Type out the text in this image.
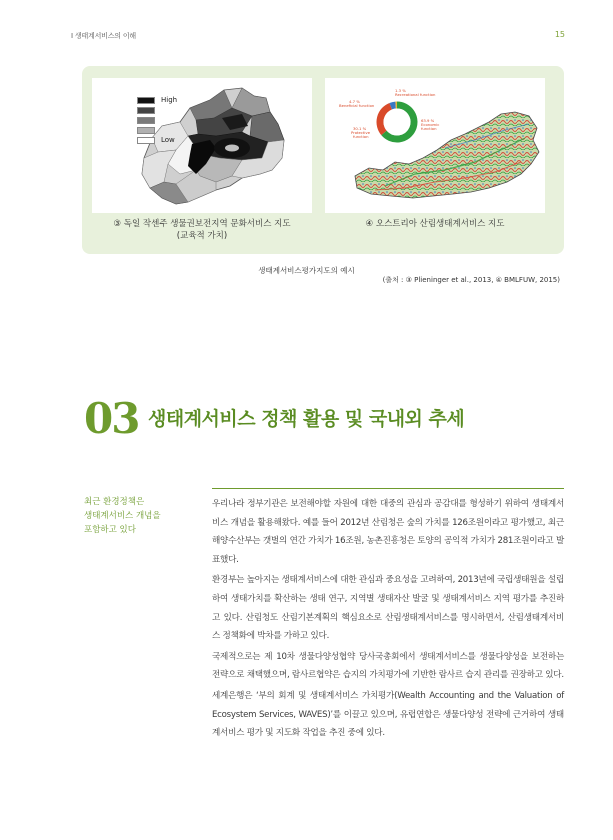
Ⅰ 생태계서비스의 이해	15
High
Low
1.3 %
Recreational function
4.7 %
Beneficial function
30.1 %
Protective
function
63.9 %
Economic
function
③ 독일 작센주 생물권보전지역 문화서비스 지도
(교육적 가치)
④ 오스트리아 산림생태계서비스 지도
생태계서비스평가지도의 예시
(출처 : ③ Plieninger et al., 2013, ④ BMLFUW, 2015)
03 생태계서비스 정책 활용 및 국내외 추세
최근 환경정책은
생태계서비스 개념을
포함하고 있다

우리나라 정부기관은 보전해야할 자원에 대한 대중의 관심과 공감대를 형성하기 위하여 생태계서비스 개념을 활용해왔다. 예를 들어 2012년 산림청은 숲의 가치를 126조원이라고 평가했고, 최근 해양수산부는 갯벌의 연간 가치가 16조원, 농촌진흥청은 토양의 공익적 가치가 281조원이라고 발표했다.

환경부는 높아지는 생태계서비스에 대한 관심과 중요성을 고려하여, 2013년에 국립생태원을 설립하여 생태가치를 확산하는 생태 연구, 지역별 생태자산 발굴 및 생태계서비스 지역 평가를 추진하고 있다. 산림청도 산림기본계획의 핵심요소로 산림생태계서비스를 명시하면서, 산림생태계서비스 정책화에 박차를 가하고 있다.

국제적으로는 제 10차 생물다양성협약 당사국총회에서 생태계서비스를 생물다양성을 보전하는 전략으로 채택했으며, 람사르협약은 습지의 가치평가에 기반한 람사르 습지 관리를 권장하고 있다.

세계은행은 ‘부의 회계 및 생태계서비스 가치평가(Wealth Accounting and the Valuation of Ecosystem Services, WAVES)’를 이끌고 있으며, 유럽연합은 생물다양성 전략에 근거하여 생태계서비스 평가 및 지도화 작업을 추진 중에 있다.
